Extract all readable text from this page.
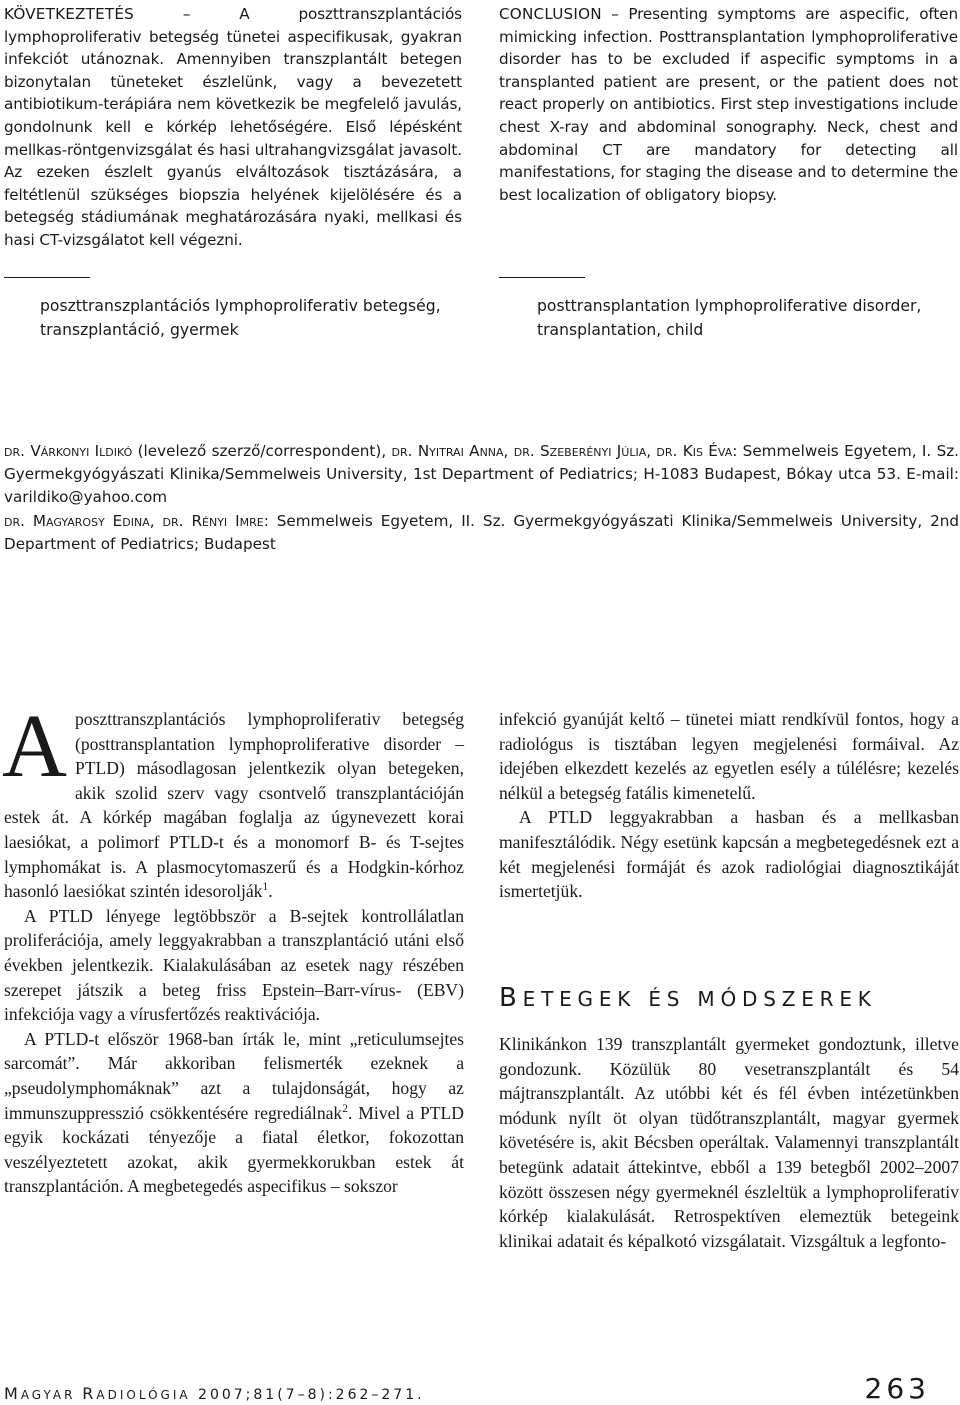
KÖVETKEZTETÉS – A poszttranszplantációs lymphoproliferativ betegség tünetei aspecifikusak, gyakran infekciót utánoznak. Amennyiben transzplantált betegen bizonytalan tüneteket észlelünk, vagy a bevezetett antibiotikum-terápiára nem következik be megfelelő javulás, gondolnunk kell e kórkép lehetőségére. Első lépésként mellkas-röntgenvizsgálat és hasi ultrahangvizsgálat javasolt. Az ezeken észlelt gyanús elváltozások tisztázására, a feltétlenül szükséges biopszia helyének kijelölésére és a betegség stádiumának meghatározására nyaki, mellkasi és hasi CT-vizsgálatot kell végezni.
CONCLUSION – Presenting symptoms are aspecific, often mimicking infection. Posttransplantation lymphoproliferative disorder has to be excluded if aspecific symptoms in a transplanted patient are present, or the patient does not react properly on antibiotics. First step investigations include chest X-ray and abdominal sonography. Neck, chest and abdominal CT are mandatory for detecting all manifestations, for staging the disease and to determine the best localization of obligatory biopsy.
poszttranszplantációs lymphoproliferativ betegség,
transzplantáció, gyermek
posttransplantation lymphoproliferative disorder,
transplantation, child

dr. Várkonyi Ildikó (levelező szerző/correspondent), dr. Nyitrai Anna, dr. Szeberényi Júlia, dr. Kis Éva: Semmelweis Egyetem, I. Sz. Gyermekgyógyászati Klinika/Semmelweis University, 1st Department of Pediatrics; H-1083 Budapest, Bókay utca 53. E-mail: varildiko@yahoo.com

dr. Magyarosy Edina, dr. Rényi Imre: Semmelweis Egyetem, II. Sz. Gyermekgyógyászati Klinika/Semmelweis University, 2nd Department of Pediatrics; Budapest

Aposzttranszplantációs lymphoproliferativ betegség (posttransplantation lymphoproliferative disorder – PTLD) másodlagosan jelentkezik olyan betegeken, akik szolid szerv vagy csontvelő transzplantációján estek át. A kórkép magában foglalja az úgynevezett korai laesiókat, a polimorf PTLD-t és a monomorf B- és T-sejtes lymphomákat is. A plasmocytomaszerű és a Hodgkin-kórhoz hasonló laesiókat szintén idesorolják$^1$.

A PTLD lényege legtöbbször a B-sejtek kontrollálatlan proliferációja, amely leggyakrabban a transzplantáció utáni első években jelentkezik. Kialakulásában az esetek nagy részében szerepet játszik a beteg friss Epstein–Barr-vírus- (EBV) infekciója vagy a vírusfertőzés reaktivációja.

A PTLD-t először 1968-ban írták le, mint „reticulumsejtes sarcomát”. Már akkoriban felismerték ezeknek a „pseudolymphomáknak” azt a tulajdonságát, hogy az immunszuppresszió csökkentésére regrediálnak$^2$. Mivel a PTLD egyik kockázati tényezője a fiatal életkor, fokozottan veszélyeztetett azokat, akik gyermekkorukban estek át transzplantáción. A megbetegedés aspecifikus – sokszor

infekció gyanúját keltő – tünetei miatt rendkívül fontos, hogy a radiológus is tisztában legyen megjelenési formáival. Az idejében elkezdett kezelés az egyetlen esély a túlélésre; kezelés nélkül a betegség fatális kimenetelű.

A PTLD leggyakrabban a hasban és a mellkasban manifesztálódik. Négy esetünk kapcsán a megbetegedésnek ezt a két megjelenési formáját és azok radiológiai diagnosztikáját ismertetjük.

BETEGEK ÉS MÓDSZEREK

Klinikánkon 139 transzplantált gyermeket gondoztunk, illetve gondozunk. Közülük 80 vesetranszplantált és 54 májtranszplantált. Az utóbbi két és fél évben intézetünkben módunk nyílt öt olyan tüdőtranszplantált, magyar gyermek követésére is, akit Bécsben operáltak. Valamennyi transzplantált betegünk adatait áttekintve, ebből a 139 betegből 2002–2007 között összesen négy gyermeknél észleltük a lymphoproliferativ kórkép kialakulását. Retrospektíven elemeztük betegeink klinikai adatait és képalkotó vizsgálatait. Vizsgáltuk a legfonto-

MAGYAR RADIOLÓGIA 2007;81(7–8):262–271.	263
